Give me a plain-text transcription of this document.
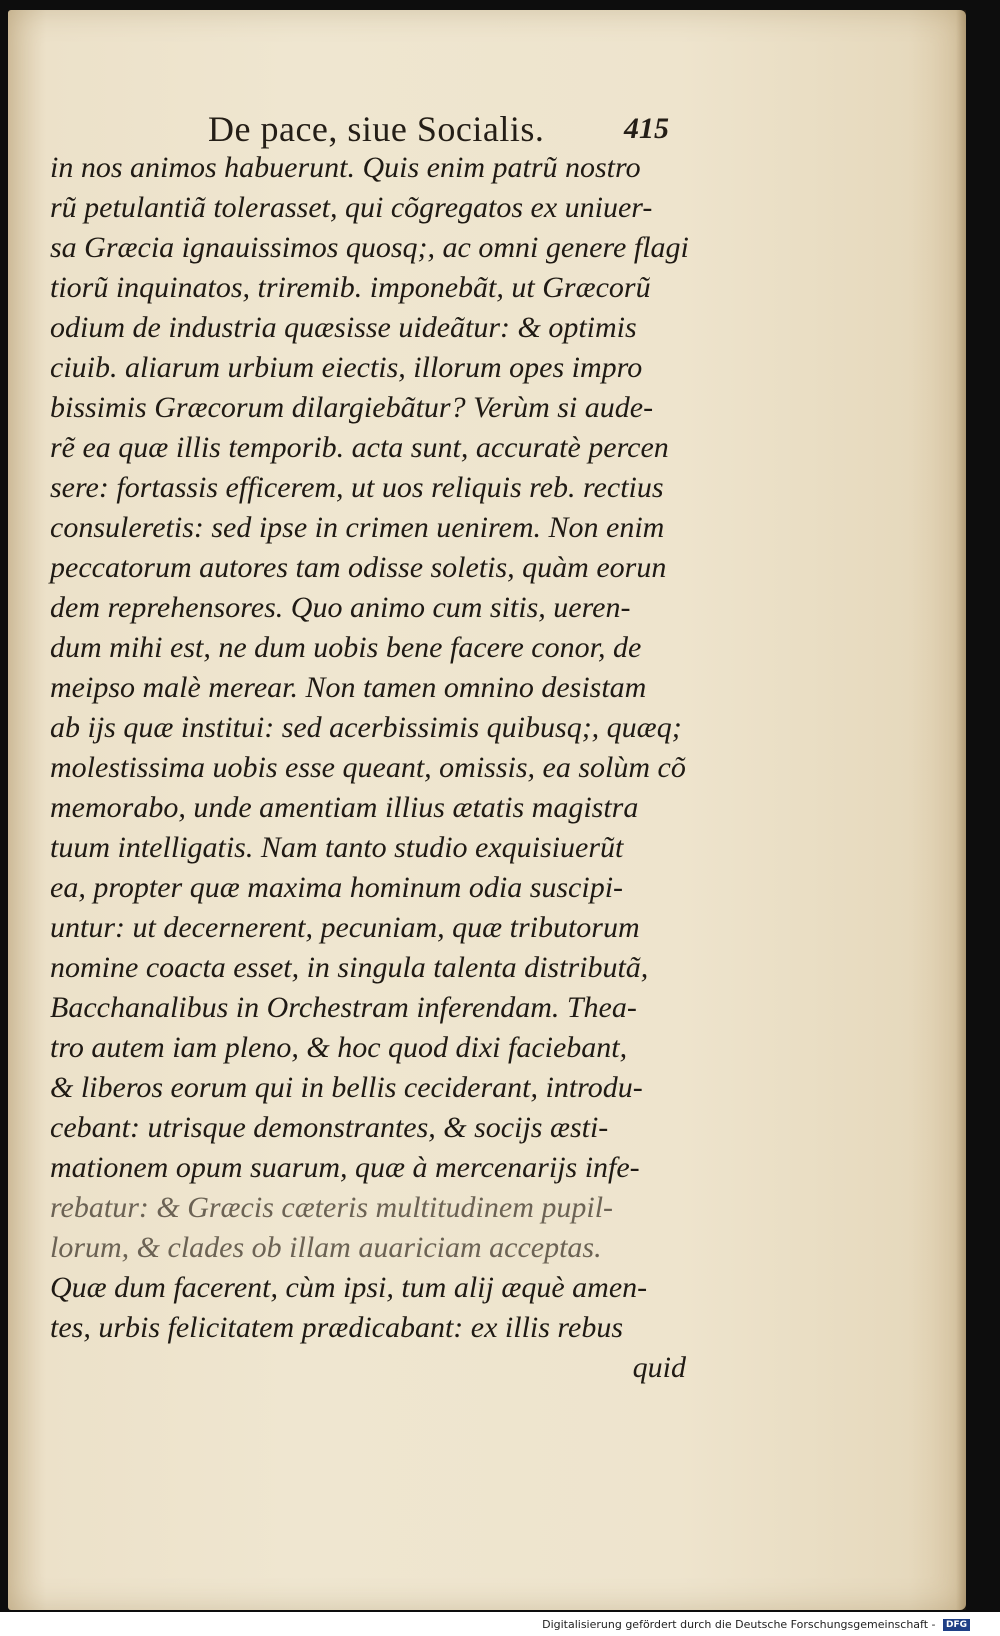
De pace, siue Socialis.	415
in nos animos habuerunt. Quis enim patrũ nostro
rũ petulantiã tolerasset, qui cõgregatos ex uniuer-
sa Græcia ignauissimos quosq;, ac omni genere flagi
tiorũ inquinatos, triremib. imponebãt, ut Græcorũ
odium de industria quæsisse uideãtur: & optimis
ciuib. aliarum urbium eiectis, illorum opes impro
bissimis Græcorum dilargiebãtur? Verùm si aude-
rẽ ea quæ illis temporib. acta sunt, accuratè percen
sere: fortassis efficerem, ut uos reliquis reb. rectius
consuleretis: sed ipse in crimen uenirem. Non enim
peccatorum autores tam odisse soletis, quàm eorun
dem reprehensores. Quo animo cum sitis, ueren-
dum mihi est, ne dum uobis bene facere conor, de
meipso malè merear. Non tamen omnino desistam
ab ijs quæ institui: sed acerbissimis quibusq;, quæq;
molestissima uobis esse queant, omissis, ea solùm cõ
memorabo, unde amentiam illius ætatis magistra
tuum intelligatis. Nam tanto studio exquisiuerũt
ea, propter quæ maxima hominum odia suscipi-
untur: ut decernerent, pecuniam, quæ tributorum
nomine coacta esset, in singula talenta distributã,
Bacchanalibus in Orchestram inferendam. Thea-
tro autem iam pleno, & hoc quod dixi faciebant,
& liberos eorum qui in bellis ceciderant, introdu-
cebant: utrisque demonstrantes, & socijs æsti-
mationem opum suarum, quæ à mercenarijs infe-
rebatur: & Græcis cæteris multitudinem pupil-
lorum, & clades ob illam auariciam acceptas.
Quæ dum facerent, cùm ipsi, tum alij æquè amen-
tes, urbis felicitatem prædicabant: ex illis rebus
quid
Digitalisierung gefördert durch die Deutsche Forschungsgemeinschaft - DFG
